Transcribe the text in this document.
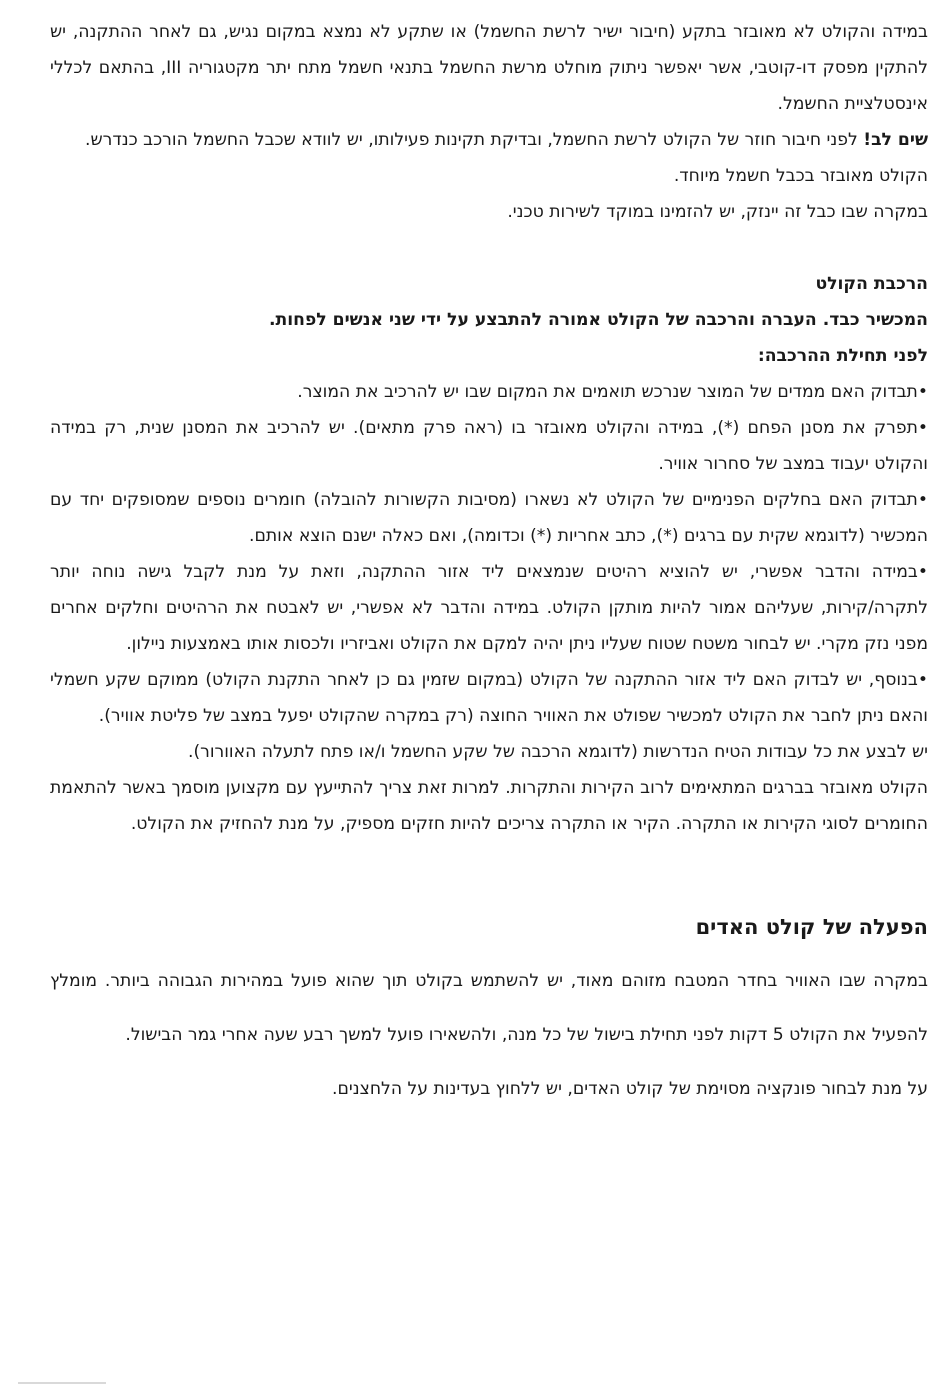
במידה והקולט לא מאובזר בתקע (חיבור ישיר לרשת החשמל) או שתקע לא נמצא במקום נגיש, גם לאחר ההתקנה, יש להתקין מפסק דו-קוטבי, אשר יאפשר ניתוק מוחלט מרשת החשמל בתנאי חשמל מתח יתר מקטגוריה III, בהתאם לכללי אינסטלציית החשמל.

שים לב! לפני חיבור חוזר של הקולט לרשת החשמל, ובדיקת תקינות פעילותו, יש לוודא שכבל החשמל הורכב כנדרש.

הקולט מאובזר בכבל חשמל מיוחד.

במקרה שבו כבל זה יינזק, יש להזמינו במוקד לשירות טכני.

הרכבת הקולט

המכשיר כבד. העברה והרכבה של הקולט אמורה להתבצע על ידי שני אנשים לפחות.

לפני תחילת ההרכבה:

•תבדוק האם ממדים של המוצר שנרכש תואמים את המקום שבו יש להרכיב את המוצר.

•תפרק את מסנן הפחם (*), במידה והקולט מאובזר בו (ראה פרק מתאים). יש להרכיב את המסנן שנית, רק במידה והקולט יעבוד במצב של סחרור אוויר.

•תבדוק האם בחלקים הפנימיים של הקולט לא נשארו (מסיבות הקשורות להובלה) חומרים נוספים שמסופקים יחד עם המכשיר (לדוגמא שקית עם ברגים (*), כתב אחריות (*) וכדומה), ואם כאלה ישנם הוצא אותם.

•במידה והדבר אפשרי, יש להוציא רהיטים שנמצאים ליד אזור ההתקנה, וזאת על מנת לקבל גישה נוחה יותר לתקרה/קירות, שעליהם אמור להיות מותקן הקולט. במידה והדבר לא אפשרי, יש לאבטח את הרהיטים וחלקים אחרים מפני נזק מקרי. יש לבחור משטח שטוח שעליו ניתן יהיה למקם את הקולט ואביזריו ולכסות אותו באמצעות ניילון.

•בנוסף, יש לבדוק האם ליד אזור ההתקנה של הקולט (במקום שזמין גם כן לאחר התקנת הקולט) ממוקם שקע חשמלי והאם ניתן לחבר את הקולט למכשיר שפולט את האוויר החוצה (רק במקרה שהקולט יפעל במצב של פליטת אוויר).

יש לבצע את כל עבודות הטיח הנדרשות (לדוגמא הרכבה של שקע החשמל ו/או פתח לתעלה האוורור).

הקולט מאובזר בברגים המתאימים לרוב הקירות והתקרות. למרות זאת צריך להתייעץ עם מקצוען מוסמך באשר להתאמת החומרים לסוגי הקירות או התקרה. הקיר או התקרה צריכים להיות חזקים מספיק, על מנת להחזיק את הקולט.

הפעלה של קולט האדים

במקרה שבו האוויר בחדר המטבח מזוהם מאוד, יש להשתמש בקולט תוך שהוא פועל במהירות הגבוהה ביותר. מומלץ להפעיל את הקולט 5 דקות לפני תחילת בישול של כל מנה, ולהשאירו פועל למשך רבע שעה אחרי גמר הבישול.

על מנת לבחור פונקציה מסוימת של קולט האדים, יש ללחוץ בעדינות על הלחצנים.
